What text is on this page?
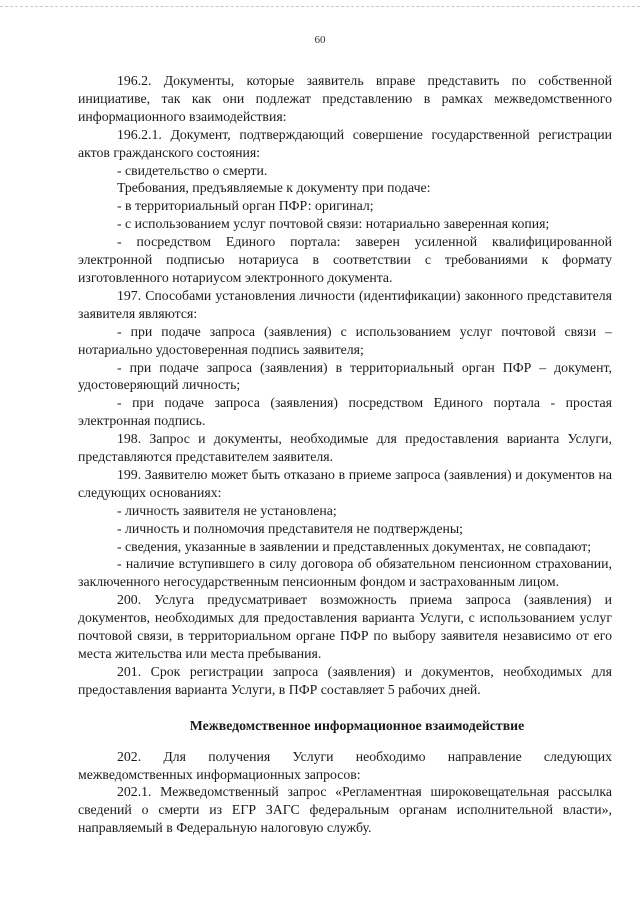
60

196.2. Документы, которые заявитель вправе представить по собственной инициативе, так как они подлежат представлению в рамках межведомственного информационного взаимодействия:

196.2.1. Документ, подтверждающий совершение государственной регистрации актов гражданского состояния:

- свидетельство о смерти.

Требования, предъявляемые к документу при подаче:

- в территориальный орган ПФР: оригинал;

- с использованием услуг почтовой связи: нотариально заверенная копия;

- посредством Единого портала: заверен усиленной квалифицированной электронной подписью нотариуса в соответствии с требованиями к формату изготовленного нотариусом электронного документа.

197. Способами установления личности (идентификации) законного представителя заявителя являются:

- при подаче запроса (заявления) с использованием услуг почтовой связи – нотариально удостоверенная подпись заявителя;

- при подаче запроса (заявления) в территориальный орган ПФР – документ, удостоверяющий личность;

- при подаче запроса (заявления) посредством Единого портала - простая электронная подпись.

198. Запрос и документы, необходимые для предоставления варианта Услуги, представляются представителем заявителя.

199. Заявителю может быть отказано в приеме запроса (заявления) и документов на следующих основаниях:

- личность заявителя не установлена;

- личность и полномочия представителя не подтверждены;

- сведения, указанные в заявлении и представленных документах, не совпадают;

- наличие вступившего в силу договора об обязательном пенсионном страховании, заключенного негосударственным пенсионным фондом и застрахованным лицом.

200. Услуга предусматривает возможность приема запроса (заявления) и документов, необходимых для предоставления варианта Услуги, с использованием услуг почтовой связи, в территориальном органе ПФР по выбору заявителя независимо от его места жительства или места пребывания.

201. Срок регистрации запроса (заявления) и документов, необходимых для предоставления варианта Услуги, в ПФР составляет 5 рабочих дней.

Межведомственное информационное взаимодействие

202. Для получения Услуги необходимо направление следующих межведомственных информационных запросов:

202.1. Межведомственный запрос «Регламентная широковещательная рассылка сведений о смерти из ЕГР ЗАГС федеральным органам исполнительной власти», направляемый в Федеральную налоговую службу.
